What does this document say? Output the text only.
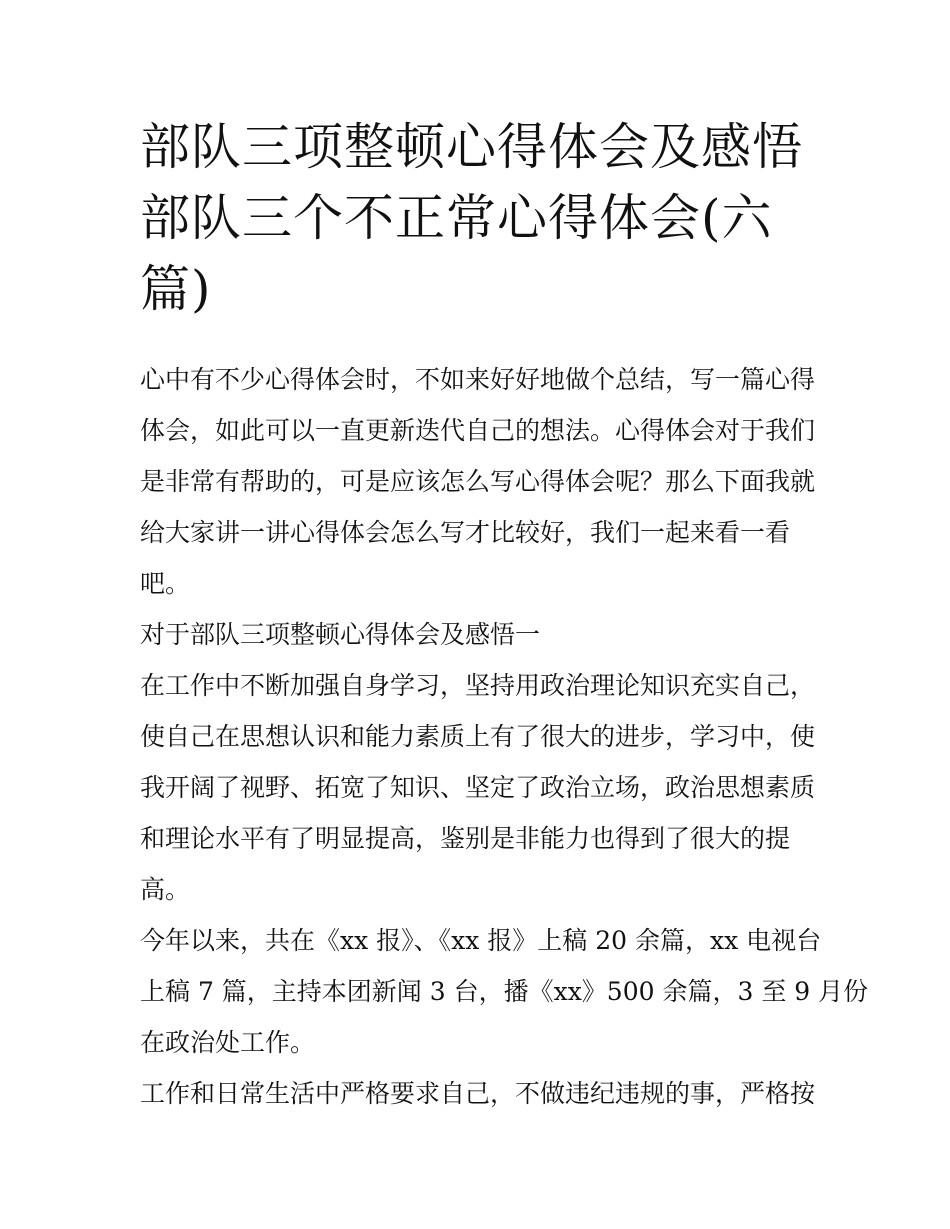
部队三项整顿心得体会及感悟
部队三个不正常心得体会(六
篇)

心中有不少心得体会时，不如来好好地做个总结，写一篇心得
体会，如此可以一直更新迭代自己的想法。心得体会对于我们
是非常有帮助的，可是应该怎么写心得体会呢？那么下面我就
给大家讲一讲心得体会怎么写才比较好，我们一起来看一看
吧。

对于部队三项整顿心得体会及感悟一

在工作中不断加强自身学习，坚持用政治理论知识充实自己，
使自己在思想认识和能力素质上有了很大的进步，学习中，使
我开阔了视野、拓宽了知识、坚定了政治立场，政治思想素质
和理论水平有了明显提高，鉴别是非能力也得到了很大的提
高。

今年以来，共在《xx 报》、《xx 报》上稿 20 余篇，xx 电视台
上稿 7 篇，主持本团新闻 3 台，播《xx》500 余篇，3 至 9 月份
在政治处工作。

工作和日常生活中严格要求自己，不做违纪违规的事，严格按
